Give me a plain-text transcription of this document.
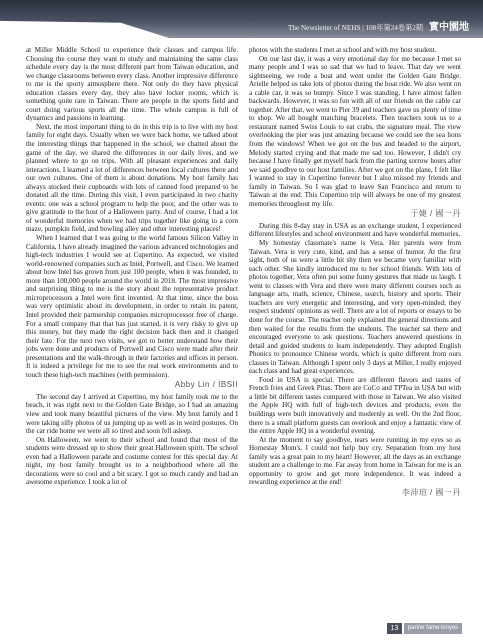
The Newsletter of NEHS | 108年第24卷第2期 實中園地

at Miller Middle School to experience their classes and campus life. Choosing the course they want to study and maintaining the same class schedule every day is the most different part from Taiwan education, and we change classrooms between every class. Another impressive difference to me is the sporty atmosphere there. Not only do they have physical education classes every day, they also have locker rooms, which is something quite rare in Taiwan. There are people in the sports field and court doing various sports all the time. The whole campus is full of dynamics and passions in learning.

Next, the most important thing to do in this trip is to live with my host family for eight days. Usually when we were back home, we talked about the interesting things that happened in the school, we chatted about the game of the day, we shared the differences in our daily lives, and we planned where to go on trips. With all pleasant experiences and daily interactions, I learned a lot of differences between local cultures there and our own cultures. One of them is about donations. My host family has always stocked their cupboards with lots of canned food prepared to be donated all the time. During this visit, I even participated in two charity events: one was a school program to help the poor, and the other was to give gratitude to the host of a Halloween party. And of course, I had a lot of wonderful memories when we had trips together like going to a corn maze, pumpkin field, and bowling alley and other interesting places!

When I learned that I was going to the world famous Silicon Valley in California, I have already imagined the various advanced technologies and high-tech industries I would see at Cupertino. As expected, we visited world-renowned companies such as Intel, Portwell, and Cisco. We learned about how Intel has grown from just 100 people, when it was founded, to more than 100,000 people around the world in 2018. The most impressive and surprising thing to me is the story about the representative product microprocessors a Intel were first invented. At that time, since the boss was very optimistic about its development, in order to retain its patent, Intel provided their partnership companies microprocessor free of charge. For a small company that that has just started, it is very risky to give up this money, but they made the right decision back then and it changed their fate. For the next two visits, we got to better understand how their jobs were done and products of Portwell and Cisco were made after their presentations and the walk-through in their factories and offices in person. It is indeed a privilege for me to see the real work environments and to touch these high-tech machines (with permission).

Abby Lin / IBSII

The second day I arrived at Cupertino, my host family took me to the beach, it was right next to the Golden Gate Bridge, so I had an amazing view and took many beautiful pictures of the view. My host family and I were taking silly photos of us jumping up as well as in weird postures. On the car ride home we were all so tired and soon fell asleep.

On Halloween, we went to their school and found that most of the students were dressed up to show their great Halloween spirit. The school even had a Halloween parade and costume contest for this special day. At night, my host family brought us to a neighborhood where all the decorations were so cool and a bit scary. I got so much candy and had an awesome experience. I took a lot of

photos with the students I met at school and with my host student.

On our last day, it was a very emotional day for me because I met so many people and I was so sad that we had to leave. That day we went sightseeing, we rode a boat and went under the Golden Gate Bridge. Arielle helped us take lots of photos during the boat ride. We also went on a cable car, it was so bumpy. Since I was standing, I have almost fallen backwards. However, it was so fun with all of our friends on the cable car together. After that, we went to Pier 39 and teachers gave us plenty of time to shop. We all bought matching bracelets. Then teachers took us to a restaurant named Swiss Louis to eat crabs, the signature meal. The view overlooking the pier was just amazing because we could see the sea lions from the windows! When we got on the bus and headed to the airport, Melody started crying and that made me sad too. However, I didn't cry because I have finally get myself back from the parting sorrow hours after we said goodbye to our host families. After we got on the plane, I felt like I wanted to stay in Cupertino forever but I also missed my friends and family in Taiwan. So I was glad to leave San Francisco and return to Taiwan at the end. This Cupertino trip will always be one of my greatest memories throughout my life.

于婕 / 國一丹

During this 8-day stay in USA as an exchange student, I experienced different lifestyles and school environment and have wonderful memories.

My homestay classmate's name is Vera. Her parents were from Taiwan. Vera is very cute, kind, and has a sense of humor. At the first sight, both of us were a little bit shy then we became very familiar with each other. She kindly introduced me to her school friends. With lots of photos together, Vera often put some funny gestures that made us laugh. I went to classes with Vera and there were many different courses such as language arts, math, science, Chinese, search, history and sports. Their teachers are very energetic and interesting, and very open-minded; they respect students' opinions as well. There are a lot of reports or essays to be done for the course. The teacher only explained the general directions and then waited for the results from the students. The teacher sat there and encouraged everyone to ask questions. Teachers answered questions in detail and guided students to learn independently. They adopted English Phonics to pronounce Chinese words, which is quite different from ours classes in Taiwan. Although I spent only 3 days at Miller, I really enjoyed each class and had great experiences.

Food in USA is special. There are different flavors and tastes of French fries and Greek Pitas. There are CoCo and TPTea in USA but with a little bit different tastes compared with those in Taiwan. We also visited the Apple HQ with full of high-tech devices and products, even the buildings were built innovatively and modernly as well. On the 2nd floor, there is a small platform guests can overlook and enjoy a fantastic view of the entire Apple HQ in a wonderful evening.

At the moment to say goodbye, tears were running in my eyes so as Homestay Mom's. I could not help buy cry. Separation from my host family was a great pain to my heart! However, all the days as an exchange student are a challenge to me. Far away from home in Taiwan for me is an opportunity to grow and get more independence. It was indeed a rewarding experience at the end!

李沛瑄 / 國一丹
13	parine fame kinyes
